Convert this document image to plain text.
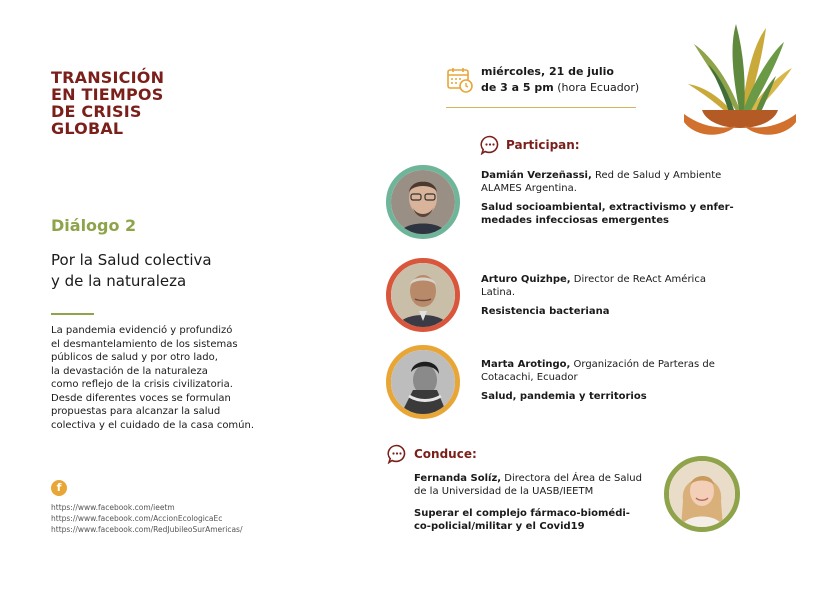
TRANSICIÓN
EN TIEMPOS
DE CRISIS
GLOBAL
Diálogo 2
Por la Salud colectiva
y de la naturaleza
La pandemia evidenció y profundizó
el desmantelamiento de los sistemas
públicos de salud y por otro lado,
la devastación de la naturaleza
como reflejo de la crisis civilizatoria.
Desde diferentes voces se formulan
propuestas para alcanzar la salud
colectiva y el cuidado de la casa común.
f
https://www.facebook.com/ieetm
https://www.facebook.com/AccionEcologicaEc
https://www.facebook.com/RedJubileoSurAmericas/
miércoles, 21 de julio
de 3 a 5 pm (hora Ecuador)
Participan:
Damián Verzeñassi, Red de Salud y Ambiente
ALAMES Argentina.
Salud socioambiental, extractivismo y enfer-
medades infecciosas emergentes
Arturo Quizhpe, Director de ReAct América
Latina.
Resistencia bacteriana
Marta Arotingo, Organización de Parteras de
Cotacachi, Ecuador
Salud, pandemia y territorios
Conduce:
Fernanda Solíz, Directora del Área de Salud
de la Universidad de la UASB/IEETM
Superar el complejo fármaco-biomédi-
co-policial/militar y el Covid19
